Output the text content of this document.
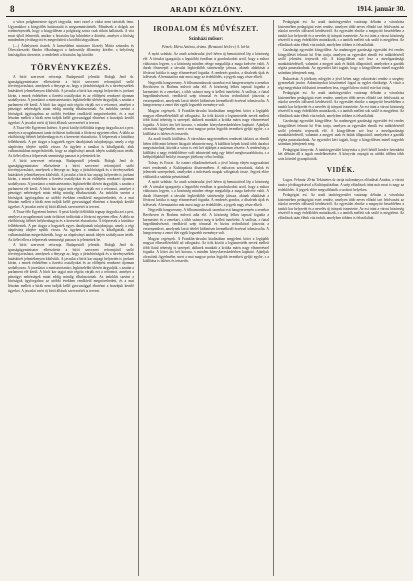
8	ARADI KÖZLÖNY.	1914. január 30.

a város polgármestere ügyét tárgyalta, mert ezzel a vádat nem tartották fenn. Ugyanakkor a közgyűlés határozatát is megsemmisítették. Mindezek a dolgok azt eredményezték, hogy a közgyűlésen a polgárság szava csak ritkán hallatszik. A vita most újból felmerült, amikor a hivatalos lap kihirdette a döntést, amelyet a bíróság mindenben jóváhagyott és megerősített a korábbi tárgyaláson.

(—) Áthelyezett tisztek. A honvédelmi miniszter Józsefy Márta százados és Ölveczkeszeki Sándor főhadnagyot a hadosztály állomány körébe, a helyőrség hatóságához átvezette, a rendeletét a hivatalos lap közölte.

TÖRVÉNYKEZÉS.

A bírói szervezet reformja. Budapestről jelentik: Balogh Jenő dr. igazságügyminiszter elkészítette a bírói szervezet reformjáról szóló törvényjavaslatot, amelynek a lényege az, hogy a járásbíróságok és a törvényszékek hatáskörét jelentékenyen kibővítik. A javaslat a bírói kar anyagi helyzetén is javítani kíván, s ennek érdekében a fizetési osztályokat és az előlépési rendszert újonnan szabályozza. A javaslatot a minisztertanács legközelebbi ülésén tárgyalják, s azután a parlament elé kerül. A bírói kar tagjai már régóta várják ezt a reformot, amelyet a pénzügyi nehézségek miatt eddig mindig elhalasztottak. Az indoklás szerint a bíróságok ügyforgalma az utóbbi években rendkívül megnövekedett, és a mai létszám mellett a bírák nem tudják kellő gyorsasággal elintézni a hozzájuk kerülő ügyeket. A javaslat ezért új bírói állások szervezését is tervezi.

A Tisza-féle Egyetemi Intézet. A pesti királyi ítélőtábla tegnap tárgyalta azt a pert, amelyet a nyugalmazott tanár örökösei indítottak a fővárosi egyetem ellen. A tábla az elsőbíróság ítéletét helybenhagyta és a keresetet elutasította. A felperesek a kúriához fellebbeztek. A per tárgya a hagyaték egyes darabjainak tulajdonjoga, amely a régi alapítvány idejére nyúlik vissza. Az ügyben a tanúkat is kihallgatták, akik vallomásukban megerősítették, hogy az alapítványt annak idején szabályosan tették. Az ítélet ellen a felperesek semmiségi panaszt is jelentettek be.

A bírói szervezet reformja. Budapestről jelentik: Balogh Jenő dr. igazságügyminiszter elkészítette a bírói szervezet reformjáról szóló törvényjavaslatot, amelynek a lényege az, hogy a járásbíróságok és a törvényszékek hatáskörét jelentékenyen kibővítik. A javaslat a bírói kar anyagi helyzetén is javítani kíván, s ennek érdekében a fizetési osztályokat és az előlépési rendszert újonnan szabályozza. A javaslatot a minisztertanács legközelebbi ülésén tárgyalják, s azután a parlament elé kerül. A bírói kar tagjai már régóta várják ezt a reformot, amelyet a pénzügyi nehézségek miatt eddig mindig elhalasztottak. Az indoklás szerint a bíróságok ügyforgalma az utóbbi években rendkívül megnövekedett, és a mai létszám mellett a bírák nem tudják kellő gyorsasággal elintézni a hozzájuk kerülő ügyeket. A javaslat ezért új bírói állások szervezését is tervezi.

A Tisza-féle Egyetemi Intézet. A pesti királyi ítélőtábla tegnap tárgyalta azt a pert, amelyet a nyugalmazott tanár örökösei indítottak a fővárosi egyetem ellen. A tábla az elsőbíróság ítéletét helybenhagyta és a keresetet elutasította. A felperesek a kúriához fellebbeztek. A per tárgya a hagyaték egyes darabjainak tulajdonjoga, amely a régi alapítvány idejére nyúlik vissza. Az ügyben a tanúkat is kihallgatták, akik vallomásukban megerősítették, hogy az alapítványt annak idején szabályosan tették. Az ítélet ellen a felperesek semmiségi panaszt is jelentettek be.

A bírói szervezet reformja. Budapestről jelentik: Balogh Jenő dr. igazságügyminiszter elkészítette a bírói szervezet reformjáról szóló törvényjavaslatot, amelynek a lényege az, hogy a járásbíróságok és a törvényszékek hatáskörét jelentékenyen kibővítik. A javaslat a bírói kar anyagi helyzetén is javítani kíván, s ennek érdekében a fizetési osztályokat és az előlépési rendszert újonnan szabályozza. A javaslatot a minisztertanács legközelebbi ülésén tárgyalják, s azután a parlament elé kerül. A bírói kar tagjai már régóta várják ezt a reformot, amelyet a pénzügyi nehézségek miatt eddig mindig elhalasztottak. Az indoklás szerint a bíróságok ügyforgalma az utóbbi években rendkívül megnövekedett, és a mai létszám mellett a bírák nem tudják kellő gyorsasággal elintézni a hozzájuk kerülő ügyeket. A javaslat ezért új bírói állások szervezését is tervezi.

IRODALOM ÉS MŰVÉSZET.
Színházi műsor:
Péntek: Mária Antónia, dráma. (Bemutató bérlet-c) A. bérlet.

A nyári színház. Az aradi színtársulat jövő héten új bemutatóval lép a közönség elé. A társulat igazgatója a legutóbbi évadban is gondoskodott arról, hogy a műsor változatos legyen, s a közönség minden rétege megtalálja a maga kedvére valót. A darab főszerepét a társulat legkiválóbb színésznője játssza, akinek alakítását a fővárosi kritika is nagy elismeréssel fogadta. A rendezés gondos, a díszletek újak és ízlésesek. A bemutatóra már most nagy az érdeklődés, a jegyek nagy része elkelt.

Negyedik hangverseny. A filharmonikusok szombat esti hangversenyén a zenekar Beethoven és Brahms műveit adta elő. A közönség lelkes tapssal fogadta a karmestert és a zenekart, s több számot meg is kellett ismételni. A szólista, a fiatal hegedűművésznő, rendkívül szép tónussal és biztos technikával játszotta a versenyművet, amelynek lassú tételét különösen kiemelkedő érzéssel tolmácsolta. A hangverseny a zenei élet egyik legszebb eseménye volt.

Magyar regények. A Franklin-társulat kiadásában megjelent kötet a legújabb magyar elbeszélésekből ad válogatást. Az írók között a legismertebb nevek mellett több fiatal tehetség is szerepel, akiknek munkáit a kritika máris nagy elismeréssel fogadta. A kötet ára két korona, s minden könyvkereskedésben kapható. Ajánljuk olvasóink figyelmébe, mert a mai magyar próza legjobb termékeit gyűjti egybe, s a kiállítása is ízléses és tetszetős.

Az aradi festők kiállítása. A városháza nagytermében rendezett tárlatot az elmúlt héten több mint kétezer látogató tekintette meg. A kiállított képek közül több darabot megvásároltak, köztük a város is vett két tájképet a múzeum részére. A rendezőség a kiállítást a nagy érdeklődésre való tekintettel még egy héttel meghosszabbította, s a belépődíjakból befolyt összeget jótékony célra fordítja.

Tolnay és Forrai. Az ismert előadóművészek a jövő hónap elején nagyszabású estet rendeznek a Kultúrpalota dísztermében. A műsoron szavalatok, dalok és jelenetek szerepelnek, amelyeket a művészek maguk válogattak össze. Jegyek előre válthatók a színház pénztáránál.

A nyári színház. Az aradi színtársulat jövő héten új bemutatóval lép a közönség elé. A társulat igazgatója a legutóbbi évadban is gondoskodott arról, hogy a műsor változatos legyen, s a közönség minden rétege megtalálja a maga kedvére valót. A darab főszerepét a társulat legkiválóbb színésznője játssza, akinek alakítását a fővárosi kritika is nagy elismeréssel fogadta. A rendezés gondos, a díszletek újak és ízlésesek. A bemutatóra már most nagy az érdeklődés, a jegyek nagy része elkelt.

Negyedik hangverseny. A filharmonikusok szombat esti hangversenyén a zenekar Beethoven és Brahms műveit adta elő. A közönség lelkes tapssal fogadta a karmestert és a zenekart, s több számot meg is kellett ismételni. A szólista, a fiatal hegedűművésznő, rendkívül szép tónussal és biztos technikával játszotta a versenyművet, amelynek lassú tételét különösen kiemelkedő érzéssel tolmácsolta. A hangverseny a zenei élet egyik legszebb eseménye volt.

Magyar regények. A Franklin-társulat kiadásában megjelent kötet a legújabb magyar elbeszélésekből ad válogatást. Az írók között a legismertebb nevek mellett több fiatal tehetség is szerepel, akiknek munkáit a kritika máris nagy elismeréssel fogadta. A kötet ára két korona, s minden könyvkereskedésben kapható. Ajánljuk olvasóink figyelmébe, mert a mai magyar próza legjobb termékeit gyűjti egybe, s a kiállítása is ízléses és tetszetős.

Pedagógiai est. Az aradi tanítóegyesület vasárnap délután a városháza kistermében pedagógiai estet rendez, amelyen több neves előadó tart felolvasást az iskolai nevelés időszerű kérdéseiről. Az egyesület elnöke a megnyitó beszédében a tanítói kar helyzetét és a nevelés új irányait ismertette. Az est iránt a városi közönség részéről is nagy érdeklődés mutatkozik, s a tanítók mellett sok szülő is megjelent. Az előadások után élénk vita indult, amelyben többen is felszólaltak.

Gazdasági egyesület közgyűlése. Az aradmegyei gazdasági egyesület évi rendes közgyűlését február hó 8-án tartja, amelyen az egyesület elmúlt évi működéséről szóló jelentést terjesztik elő. A közgyűlésen szó lesz a mezőgazdasági munkáskérdésről, valamint a megyei utak és hidak állapotáról, amelyekre a gazdák régóta panaszkodnak. Az egyesület kéri tagjait, hogy a közgyűlésen minél nagyobb számban jelenjenek meg.

Ruhavásár. A jótékony nőegylet a jövő héten nagy ruhavásárt rendez a szegény gyermekek javára. Adományokat köszönettel fogad az egylet elnöksége. A vásár a régi megyeháza földszinti termeiben lesz, reggel kilenc órától este hat óráig.

Pedagógiai est. Az aradi tanítóegyesület vasárnap délután a városháza kistermében pedagógiai estet rendez, amelyen több neves előadó tart felolvasást az iskolai nevelés időszerű kérdéseiről. Az egyesület elnöke a megnyitó beszédében a tanítói kar helyzetét és a nevelés új irányait ismertette. Az est iránt a városi közönség részéről is nagy érdeklődés mutatkozik, s a tanítók mellett sok szülő is megjelent. Az előadások után élénk vita indult, amelyben többen is felszólaltak.

Gazdasági egyesület közgyűlése. Az aradmegyei gazdasági egyesület évi rendes közgyűlését február hó 8-án tartja, amelyen az egyesület elmúlt évi működéséről szóló jelentést terjesztik elő. A közgyűlésen szó lesz a mezőgazdasági munkáskérdésről, valamint a megyei utak és hidak állapotáról, amelyekre a gazdák régóta panaszkodnak. Az egyesület kéri tagjait, hogy a közgyűlésen minél nagyobb számban jelenjenek meg.

Pedagógiai könyvtár. A tanítóegyesület könyvtára a jövő héttől kezdve hetenként két délután áll a tagok rendelkezésére. A könyvtár anyagát az utóbbi időben több száz kötettel gyarapították.

VIDÉK.

Lugos. Február 20-án Tekintetes úr tartja tudományos előadását Aradon, a városi tanács jóváhagyásával a Kultúrpalotában. A szép előadások iránt már most is nagy az érdeklődés. A jegyek előre megválthatók a szokott helyeken.

Pedagógiai est. Az aradi tanítóegyesület vasárnap délután a városháza kistermében pedagógiai estet rendez, amelyen több neves előadó tart felolvasást az iskolai nevelés időszerű kérdéseiről. Az egyesület elnöke a megnyitó beszédében a tanítói kar helyzetét és a nevelés új irányait ismertette. Az est iránt a városi közönség részéről is nagy érdeklődés mutatkozik, s a tanítók mellett sok szülő is megjelent. Az előadások után élénk vita indult, amelyben többen is felszólaltak.
